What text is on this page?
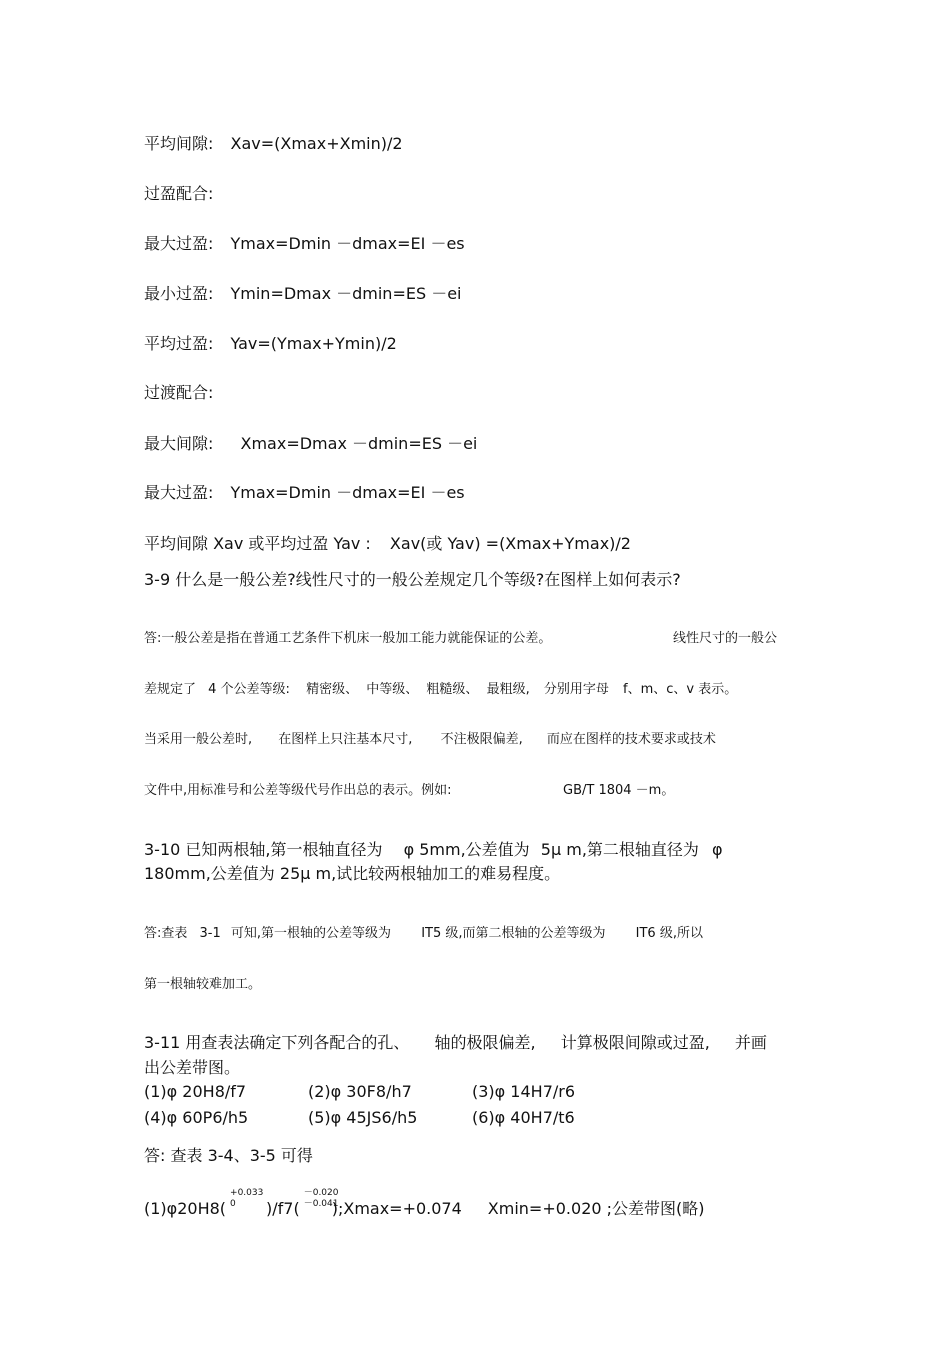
平均间隙: Xav=(Xmax+Xmin)/2
过盈配合:
最大过盈: Ymax=Dmin －dmax=EI －es
最小过盈: Ymin=Dmax －dmin=ES －ei
平均过盈: Yav=(Ymax+Ymin)/2
过渡配合:
最大间隙: Xmax=Dmax －dmin=ES －ei
最大过盈: Ymax=Dmin －dmax=EI －es
平均间隙 Xav 或平均过盈 Yav : Xav(或 Yav) =(Xmax+Ymax)/2
3-9 什么是一般公差?线性尺寸的一般公差规定几个等级?在图样上如何表示?
答:一般公差是指在普通工艺条件下机床一般加工能力就能保证的公差。	线性尺寸的一般公
差规定了 4 个公差等级: 精密级、 中等级、 粗糙级、 最粗级, 分别用字母 f、m、c、v 表示。
当采用一般公差时, 在图样上只注基本尺寸, 不注极限偏差, 而应在图样的技术要求或技术
文件中,用标准号和公差等级代号作出总的表示。例如:	GB/T 1804 －m。
3-10 已知两根轴,第一根轴直径为 φ 5mm,公差值为 5μ m,第二根轴直径为 φ
180mm,公差值为 25μ m,试比较两根轴加工的难易程度。
答:查表 3-1 可知,第一根轴的公差等级为 IT5 级,而第二根轴的公差等级为 IT6 级,所以
第一根轴较难加工。
3-11 用查表法确定下列各配合的孔、 轴的极限偏差, 计算极限间隙或过盈, 并画
出公差带图。
(1)φ 20H8/f7	(2)φ 30F8/h7	(3)φ 14H7/r6
(4)φ 60P6/h5	(5)φ 45JS6/h5	(6)φ 40H7/t6
答: 查表 3-4、3-5 可得
(1)φ20H8(
+0.033
0 )/f7(
－0.020
－0.041
);Xmax=+0.074 Xmin=+0.020 ;公差带图(略)
